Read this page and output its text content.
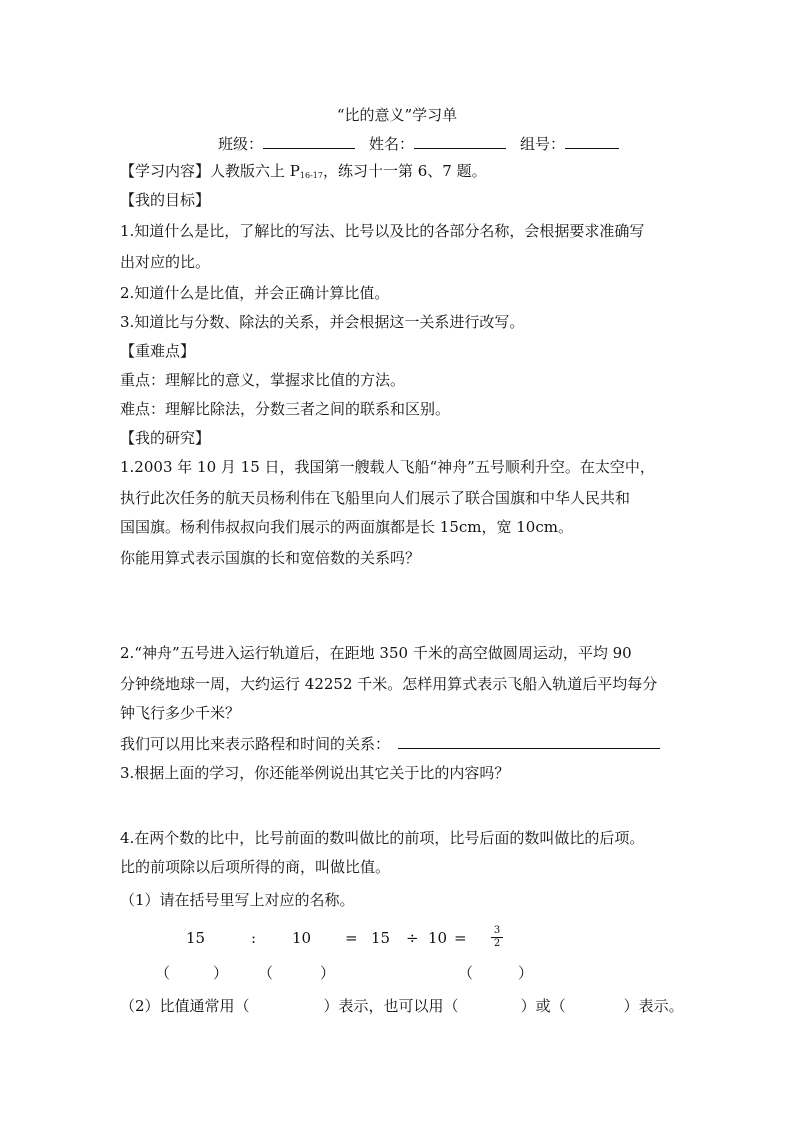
“比的意义”学习单
班级：	姓名：	组号：
【学习内容】人教版六上 $P_{16-17}$，练习十一第 6、7 题。
【我的目标】
1.知道什么是比，了解比的写法、比号以及比的各部分名称，会根据要求准确写
出对应的比。
2.知道什么是比值，并会正确计算比值。
3.知道比与分数、除法的关系，并会根据这一关系进行改写。
【重难点】
重点：理解比的意义，掌握求比值的方法。
难点：理解比除法，分数三者之间的联系和区别。
【我的研究】
1.2003 年 10 月 15 日，我国第一艘载人飞船“神舟”五号顺利升空。在太空中，
执行此次任务的航天员杨利伟在飞船里向人们展示了联合国旗和中华人民共和
国国旗。杨利伟叔叔向我们展示的两面旗都是长 15cm，宽 10cm。
你能用算式表示国旗的长和宽倍数的关系吗？
2.“神舟”五号进入运行轨道后，在距地 350 千米的高空做圆周运动，平均 90
分钟绕地球一周，大约运行 42252 千米。怎样用算式表示飞船入轨道后平均每分
钟飞行多少千米？
我们可以用比来表示路程和时间的关系：
3.根据上面的学习，你还能举例说出其它关于比的内容吗？
4.在两个数的比中，比号前面的数叫做比的前项，比号后面的数叫做比的后项。
比的前项除以后项所得的商，叫做比值。
（1）请在括号里写上对应的名称。
15	: $10 = 15 \div 10 = \frac{3}{2}$
（	） （	）	（	）
（2）比值通常用（	）表示，也可以用（	）或（	）表示。
